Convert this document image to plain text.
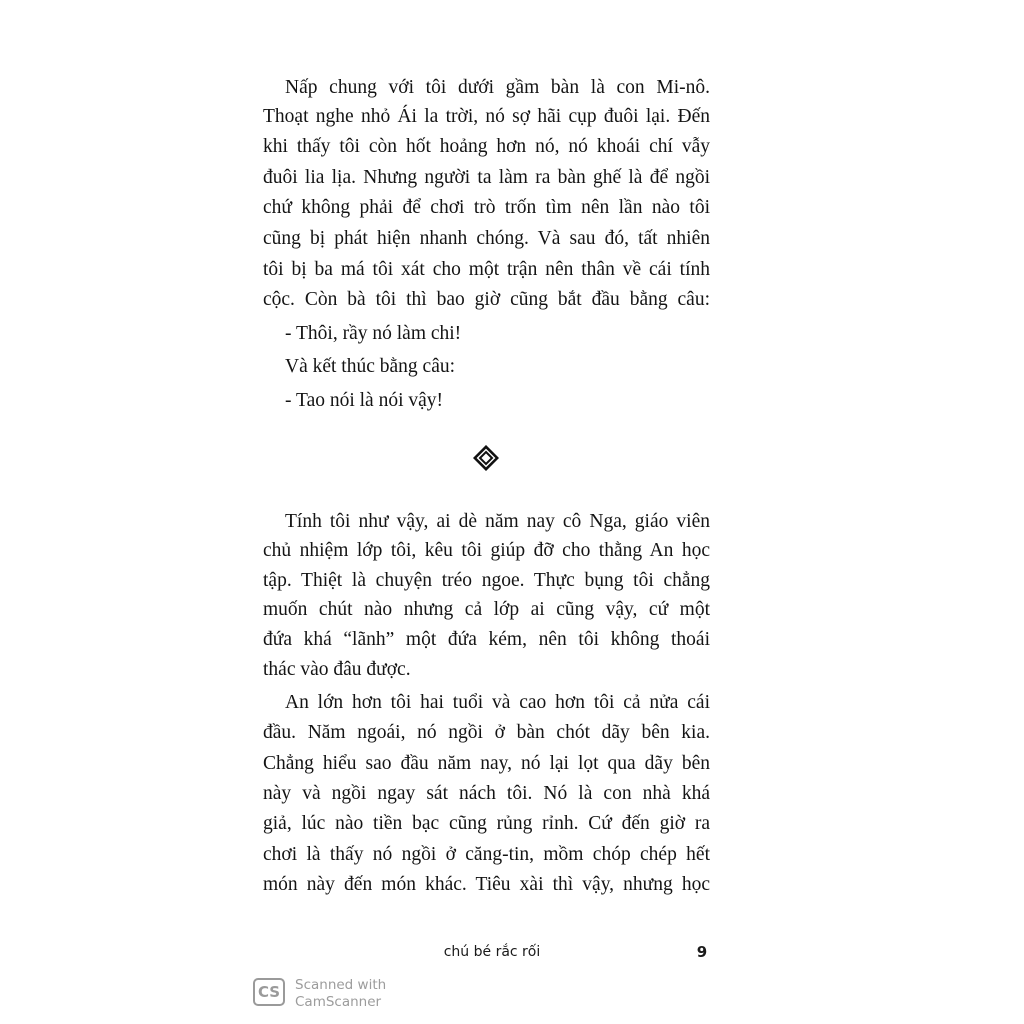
Nấp chung với tôi dưới gầm bàn là con Mi-nô.
Thoạt nghe nhỏ Ái la trời, nó sợ hãi cụp đuôi lại. Đến
khi thấy tôi còn hốt hoảng hơn nó, nó khoái chí vẫy
đuôi lia lịa. Nhưng người ta làm ra bàn ghế là để ngồi
chứ không phải để chơi trò trốn tìm nên lần nào tôi
cũng bị phát hiện nhanh chóng. Và sau đó, tất nhiên
tôi bị ba má tôi xát cho một trận nên thân về cái tính
cộc. Còn bà tôi thì bao giờ cũng bắt đầu bằng câu:
- Thôi, rầy nó làm chi!
Và kết thúc bằng câu:
- Tao nói là nói vậy!
Tính tôi như vậy, ai dè năm nay cô Nga, giáo viên
chủ nhiệm lớp tôi, kêu tôi giúp đỡ cho thằng An học
tập. Thiệt là chuyện tréo ngoe. Thực bụng tôi chẳng
muốn chút nào nhưng cả lớp ai cũng vậy, cứ một
đứa khá “lãnh” một đứa kém, nên tôi không thoái
thác vào đâu được.
An lớn hơn tôi hai tuổi và cao hơn tôi cả nửa cái
đầu. Năm ngoái, nó ngồi ở bàn chót dãy bên kia.
Chẳng hiểu sao đầu năm nay, nó lại lọt qua dãy bên
này và ngồi ngay sát nách tôi. Nó là con nhà khá
giả, lúc nào tiền bạc cũng rủng rỉnh. Cứ đến giờ ra
chơi là thấy nó ngồi ở căng-tin, mồm chóp chép hết
món này đến món khác. Tiêu xài thì vậy, nhưng học
chú bé rắc rối	9
CS	Scanned with
CamScanner
